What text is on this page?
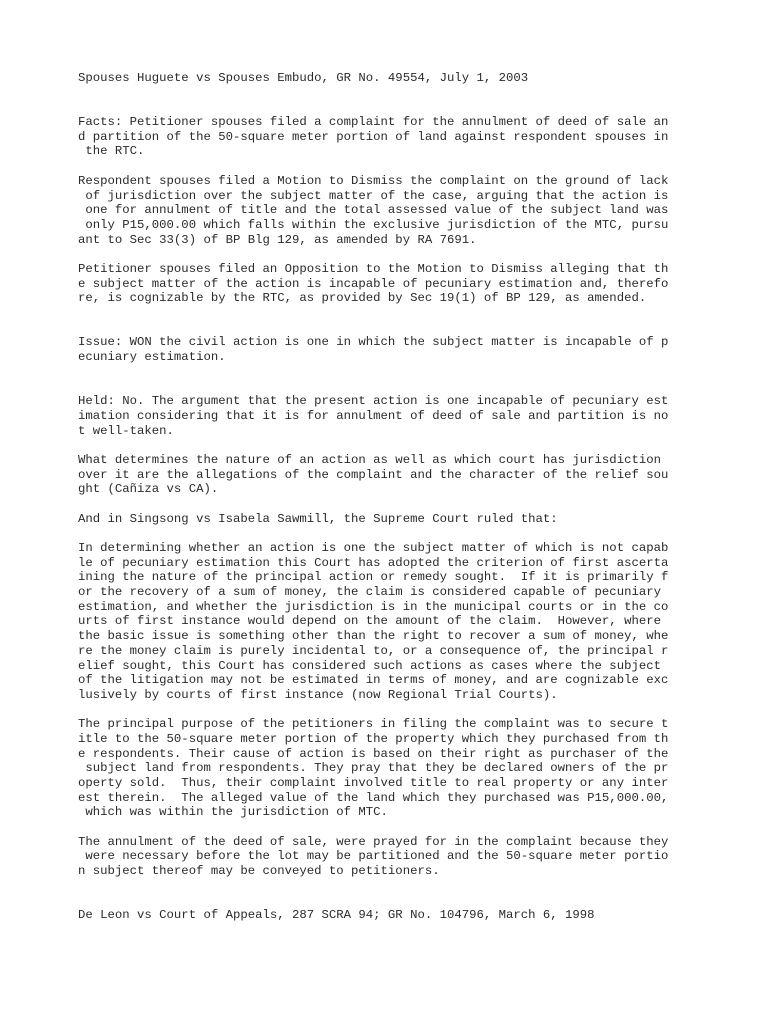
Spouses Huguete vs Spouses Embudo, GR No. 49554, July 1, 2003
Facts: Petitioner spouses filed a complaint for the annulment of deed of sale an
d partition of the 50-square meter portion of land against respondent spouses in
the RTC.
Respondent spouses filed a Motion to Dismiss the complaint on the ground of lack
of jurisdiction over the subject matter of the case, arguing that the action is
one for annulment of title and the total assessed value of the subject land was
only P15,000.00 which falls within the exclusive jurisdiction of the MTC, pursu
ant to Sec 33(3) of BP Blg 129, as amended by RA 7691.
Petitioner spouses filed an Opposition to the Motion to Dismiss alleging that th
e subject matter of the action is incapable of pecuniary estimation and, therefo
re, is cognizable by the RTC, as provided by Sec 19(1) of BP 129, as amended.
Issue: WON the civil action is one in which the subject matter is incapable of p
ecuniary estimation.
Held: No. The argument that the present action is one incapable of pecuniary est
imation considering that it is for annulment of deed of sale and partition is no
t well-taken.
What determines the nature of an action as well as which court has jurisdiction
over it are the allegations of the complaint and the character of the relief sou
ght (Cañiza vs CA).
And in Singsong vs Isabela Sawmill, the Supreme Court ruled that:
In determining whether an action is one the subject matter of which is not capab
le of pecuniary estimation this Court has adopted the criterion of first ascerta
ining the nature of the principal action or remedy sought.  If it is primarily f
or the recovery of a sum of money, the claim is considered capable of pecuniary
estimation, and whether the jurisdiction is in the municipal courts or in the co
urts of first instance would depend on the amount of the claim.  However, where
the basic issue is something other than the right to recover a sum of money, whe
re the money claim is purely incidental to, or a consequence of, the principal r
elief sought, this Court has considered such actions as cases where the subject
of the litigation may not be estimated in terms of money, and are cognizable exc
lusively by courts of first instance (now Regional Trial Courts).
The principal purpose of the petitioners in filing the complaint was to secure t
itle to the 50-square meter portion of the property which they purchased from th
e respondents. Their cause of action is based on their right as purchaser of the
subject land from respondents. They pray that they be declared owners of the pr
operty sold.  Thus, their complaint involved title to real property or any inter
est therein.  The alleged value of the land which they purchased was P15,000.00,
which was within the jurisdiction of MTC.
The annulment of the deed of sale, were prayed for in the complaint because they
were necessary before the lot may be partitioned and the 50-square meter portio
n subject thereof may be conveyed to petitioners.
De Leon vs Court of Appeals, 287 SCRA 94; GR No. 104796, March 6, 1998
